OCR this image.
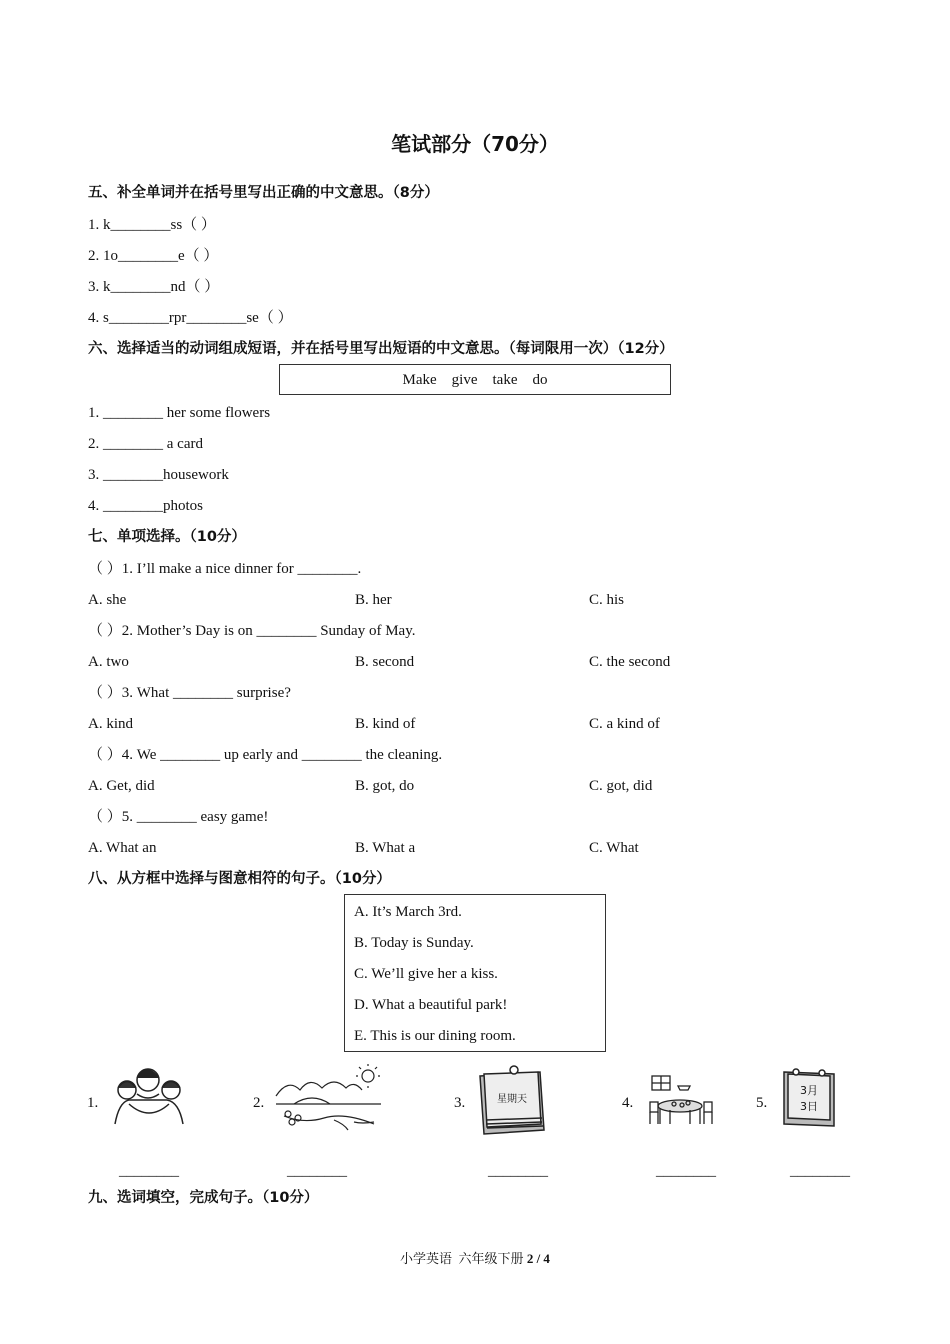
笔试部分（70分）
五、补全单词并在括号里写出正确的中文意思。（8分）
1. k________ss（ ）
2. 1o________e（ ）
3. k________nd（ ）
4. s________rpr________se（ ）
六、选择适当的动词组成短语，并在括号里写出短语的中文意思。（每词限用一次）（12分）
Make    give    take    do
1. ________ her some flowers
2. ________ a card
3. ________housework
4. ________photos
七、单项选择。（10分）
（ ）1. I’ll make a nice dinner for ________.
A. she	B. her	C. his
（ ）2. Mother’s Day is on ________ Sunday of May.
A. two	B. second	C. the second
（ ）3. What ________ surprise?
A. kind	B. kind of	C. a kind of
（ ）4. We ________ up early and ________ the cleaning.
A. Get, did	B. got, do	C. got, did
（ ）5. ________ easy game!
A. What an	B. What a	C. What
八、从方框中选择与图意相符的句子。（10分）
A. It’s March 3rd.
B. Today is Sunday.
C. We’ll give her a kiss.
D. What a beautiful park!
E. This is our dining room.
1.	2.	3.	4.	5.
星期天
3月
3日
________	________	________	________	________
九、选词填空，完成句子。（10分）
小学英语  六年级下册 2 / 4
